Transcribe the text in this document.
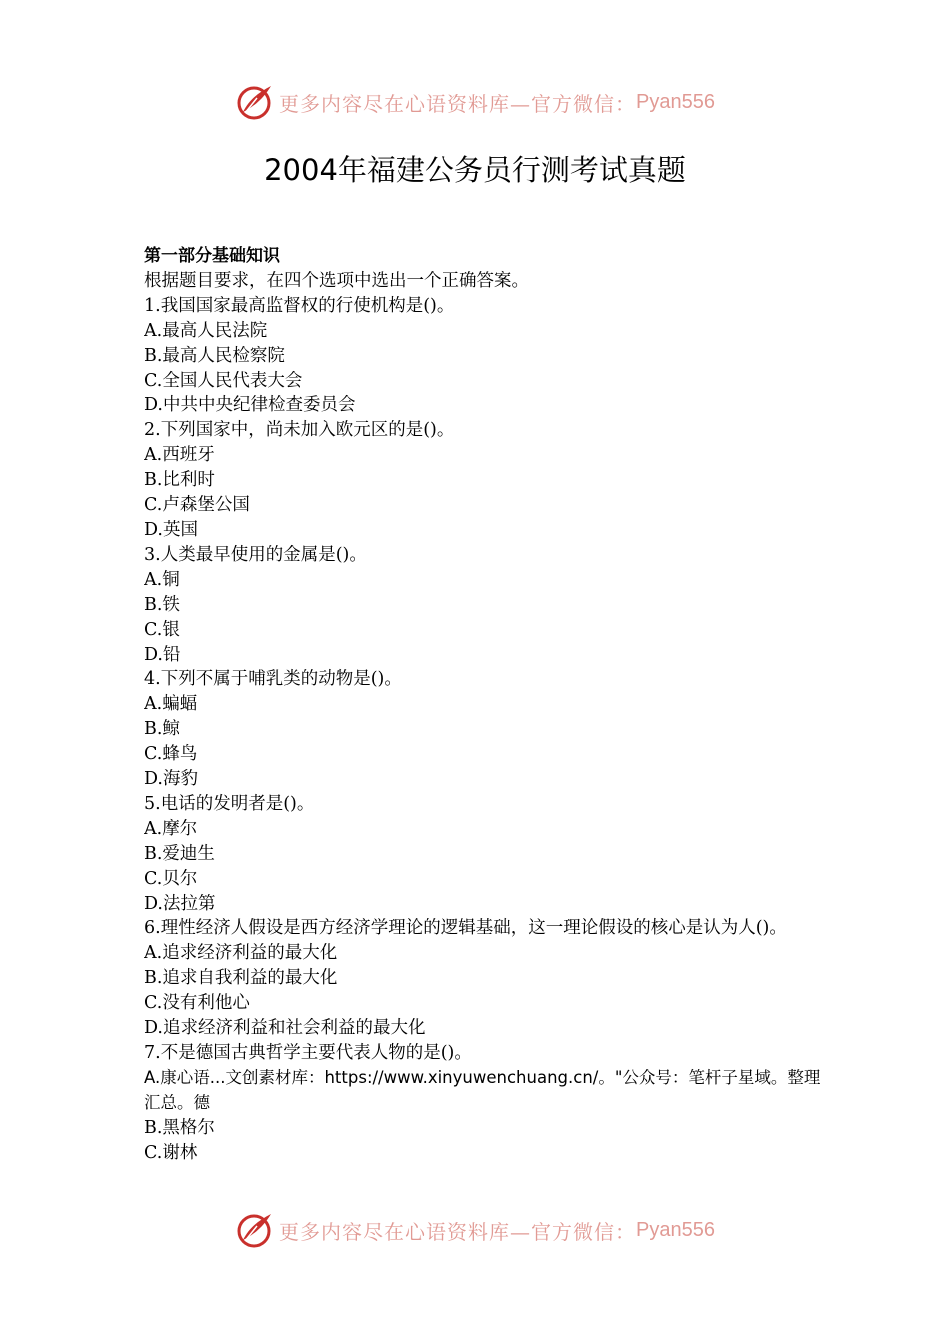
更多内容尽在心语资料库—官方微信： Pyan556
2004年福建公务员行测考试真题
第一部分基础知识
根据题目要求，在四个选项中选出一个正确答案。
1.我国国家最高监督权的行使机构是()。
A.最高人民法院
B.最高人民检察院
C.全国人民代表大会
D.中共中央纪律检查委员会
2.下列国家中，尚未加入欧元区的是()。
A.西班牙
B.比利时
C.卢森堡公国
D.英国
3.人类最早使用的金属是()。
A.铜
B.铁
C.银
D.铅
4.下列不属于哺乳类的动物是()。
A.蝙蝠
B.鲸
C.蜂鸟
D.海豹
5.电话的发明者是()。
A.摩尔
B.爱迪生
C.贝尔
D.法拉第
6.理性经济人假设是西方经济学理论的逻辑基础，这一理论假设的核心是认为人()。
A.追求经济利益的最大化
B.追求自我利益的最大化
C.没有利他心
D.追求经济利益和社会利益的最大化
7.不是德国古典哲学主要代表人物的是()。
A.康心语...文创素材库：https://www.xinyuwenchuang.cn/。"公众号：笔杆子星域。整理汇总。德
B.黑格尔
C.谢林
更多内容尽在心语资料库—官方微信： Pyan556
